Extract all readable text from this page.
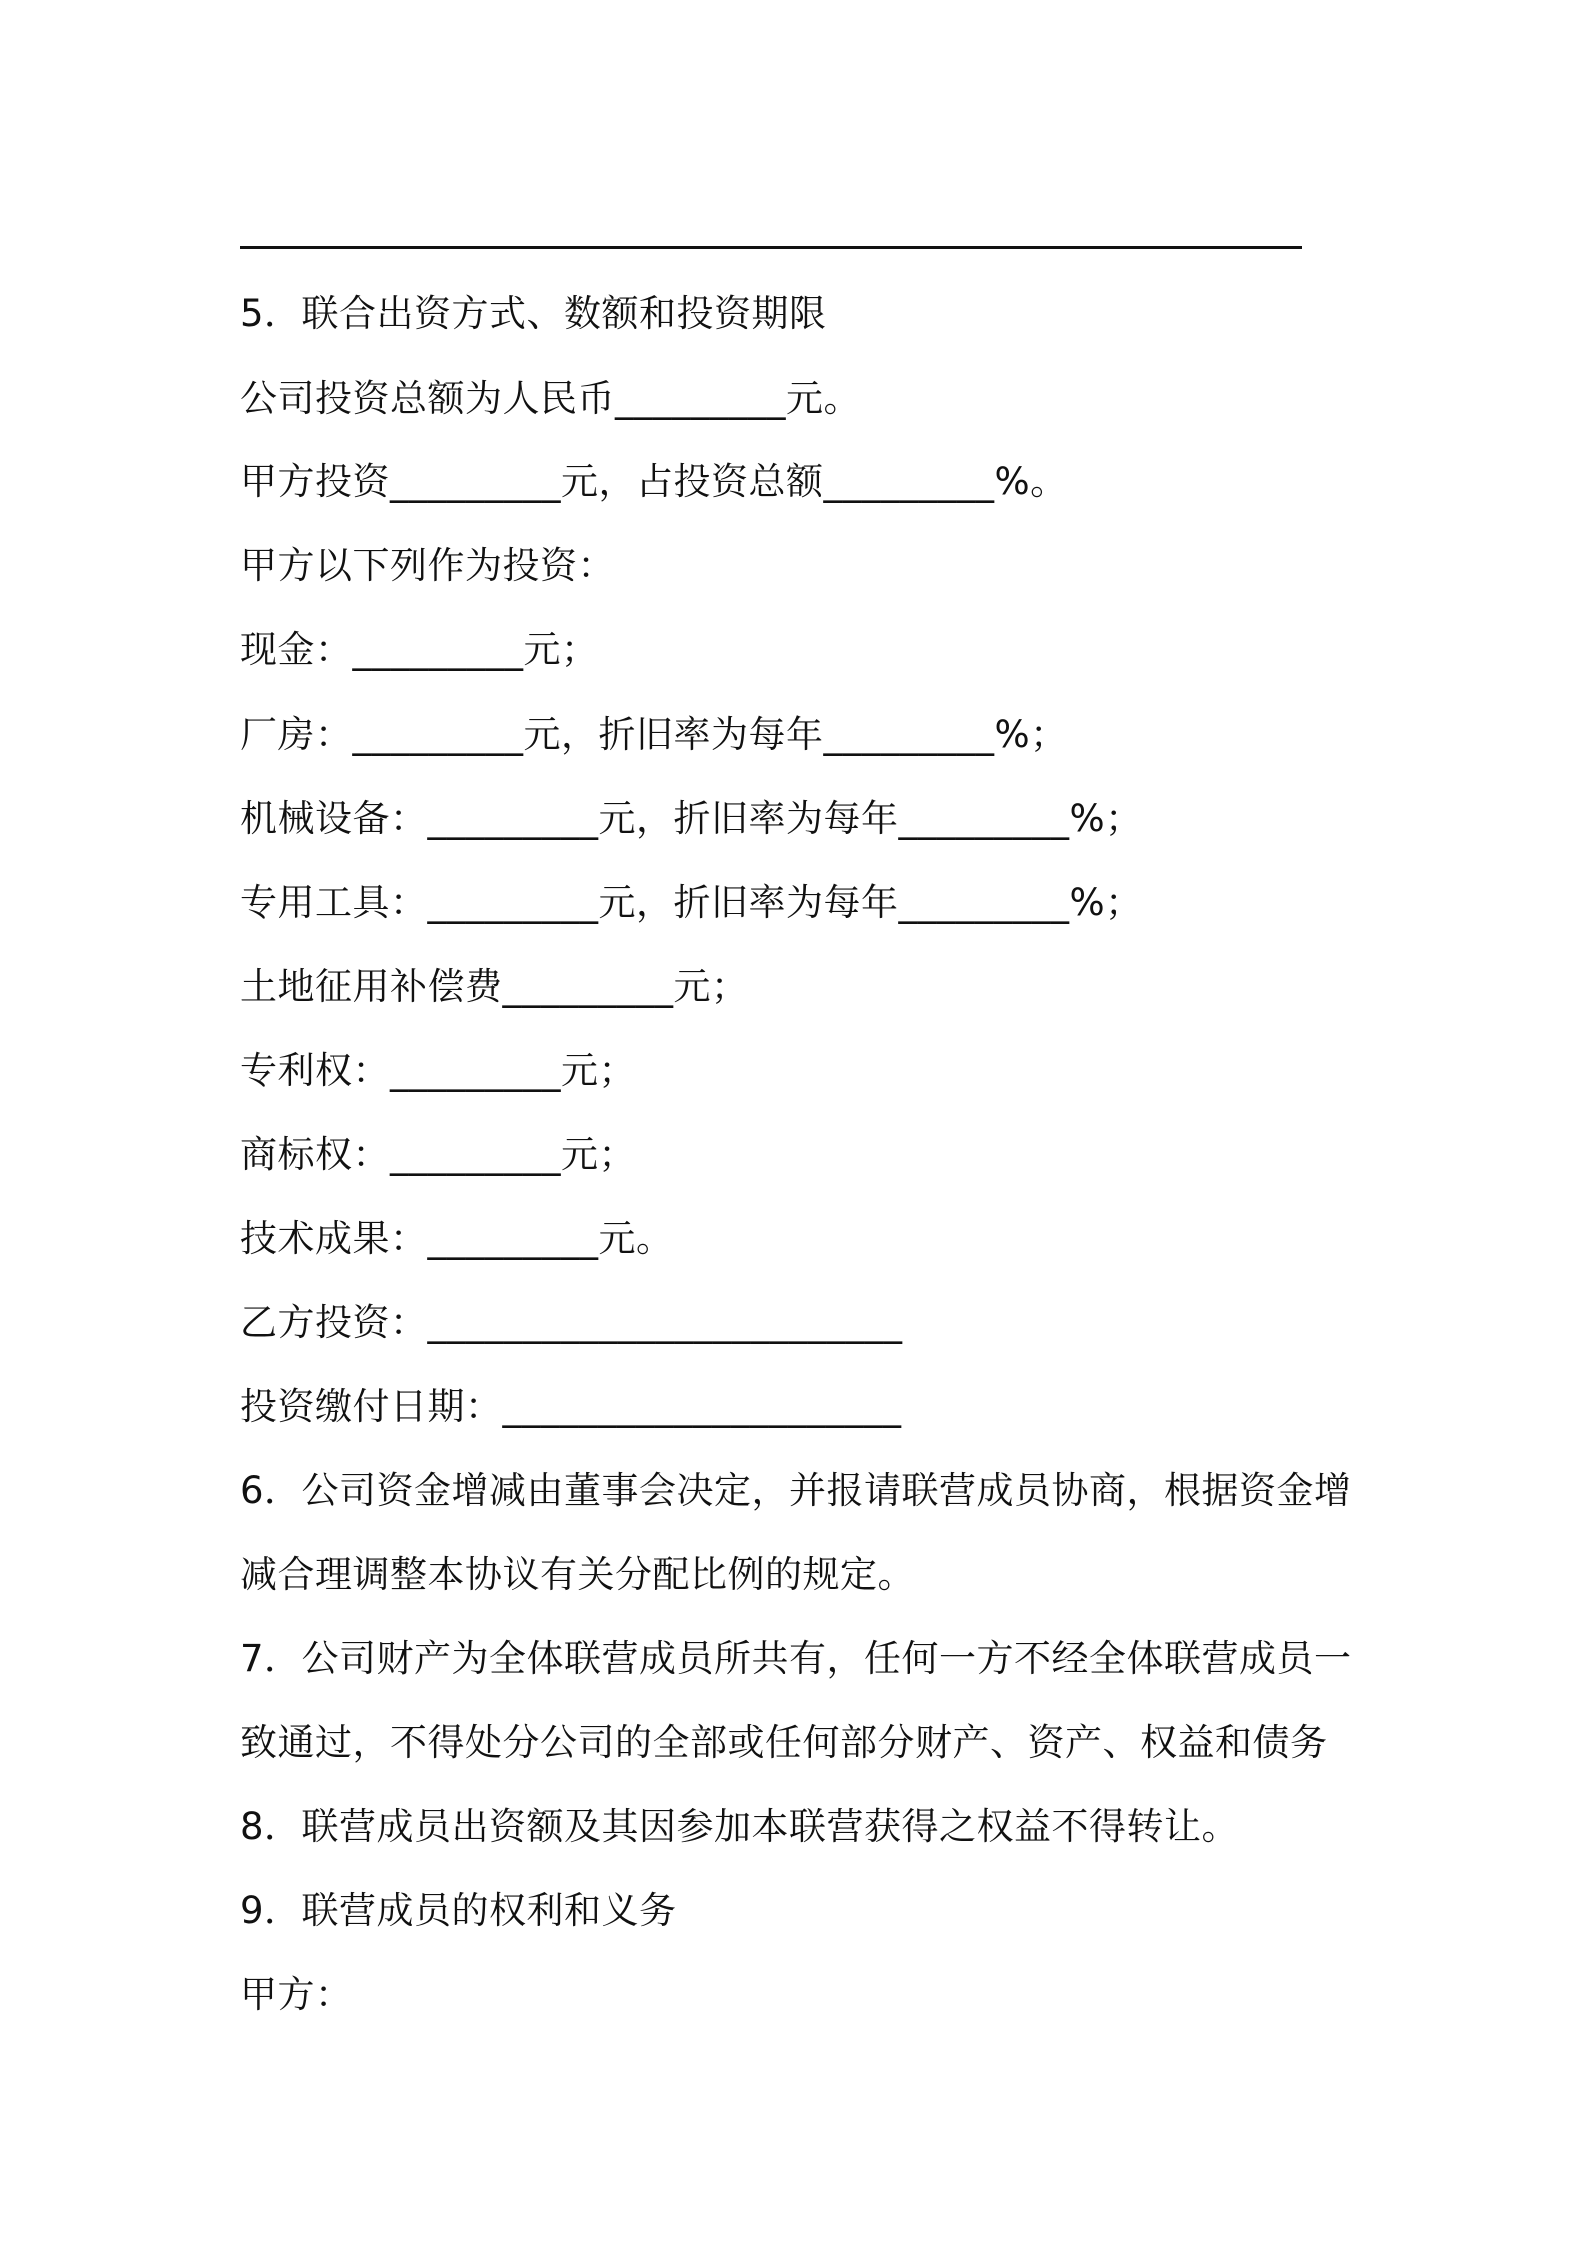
5．联合出资方式、数额和投资期限
公司投资总额为人民币_________元。
甲方投资_________元，占投资总额_________%。
甲方以下列作为投资：
现金：_________元；
厂房：_________元，折旧率为每年_________%；
机械设备：_________元，折旧率为每年_________%；
专用工具：_________元，折旧率为每年_________%；
土地征用补偿费_________元；
专利权：_________元；
商标权：_________元；
技术成果：_________元。
乙方投资：_________________________
投资缴付日期：_____________________
6．公司资金增减由董事会决定，并报请联营成员协商，根据资金增
减合理调整本协议有关分配比例的规定。
7．公司财产为全体联营成员所共有，任何一方不经全体联营成员一
致通过，不得处分公司的全部或任何部分财产、资产、权益和债务
8．联营成员出资额及其因参加本联营获得之权益不得转让。
9．联营成员的权利和义务
甲方：
